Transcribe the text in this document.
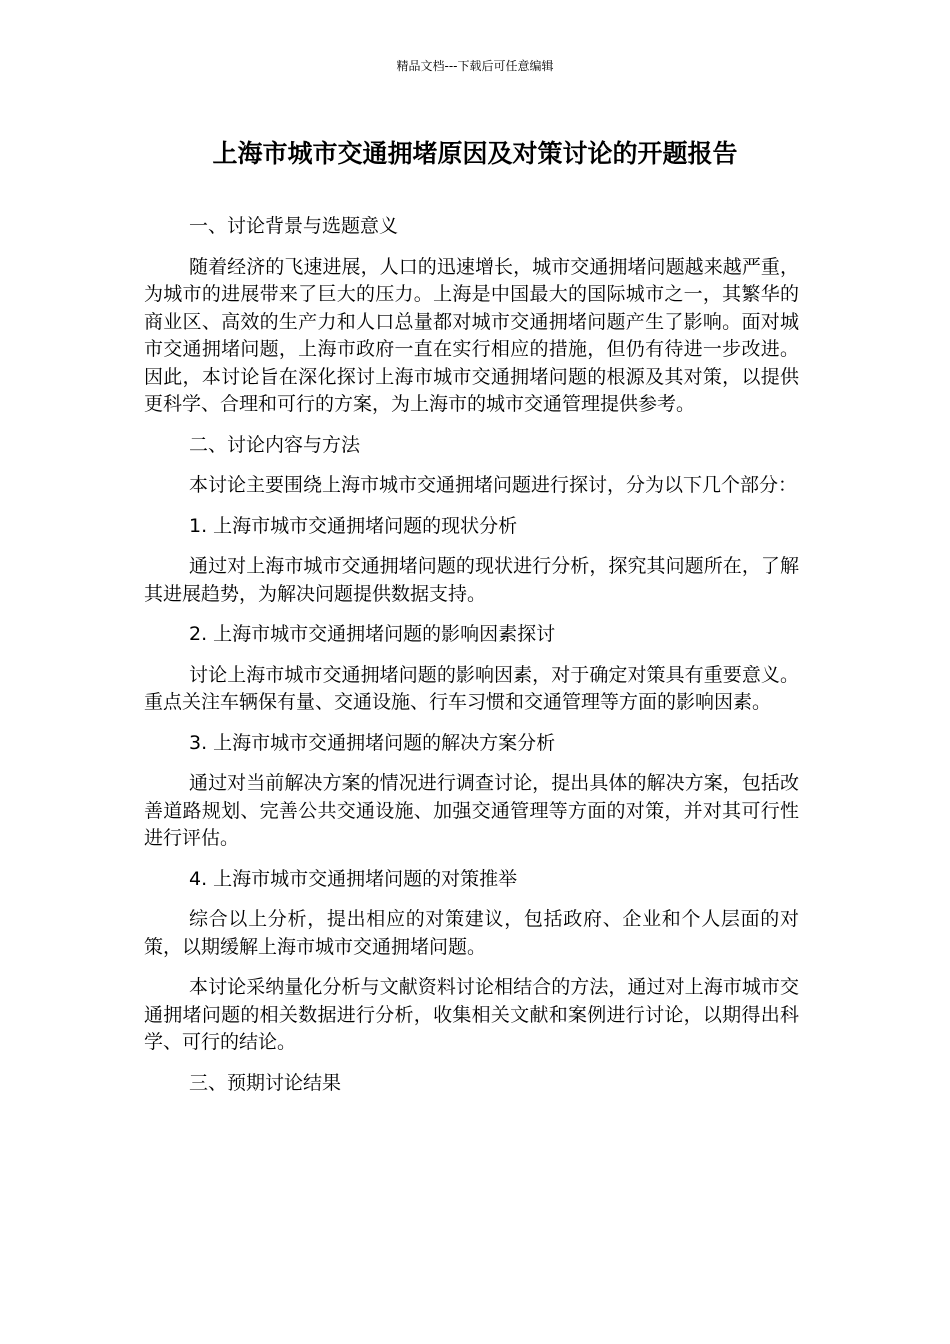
精品文档---下载后可任意编辑
上海市城市交通拥堵原因及对策讨论的开题报告

一、讨论背景与选题意义

随着经济的飞速进展，人口的迅速增长，城市交通拥堵问题越来越严重，为城市的进展带来了巨大的压力。上海是中国最大的国际城市之一，其繁华的商业区、高效的生产力和人口总量都对城市交通拥堵问题产生了影响。面对城市交通拥堵问题，上海市政府一直在实行相应的措施，但仍有待进一步改进。因此，本讨论旨在深化探讨上海市城市交通拥堵问题的根源及其对策，以提供更科学、合理和可行的方案，为上海市的城市交通管理提供参考。

二、讨论内容与方法

本讨论主要围绕上海市城市交通拥堵问题进行探讨，分为以下几个部分：

1. 上海市城市交通拥堵问题的现状分析

通过对上海市城市交通拥堵问题的现状进行分析，探究其问题所在，了解其进展趋势，为解决问题提供数据支持。

2. 上海市城市交通拥堵问题的影响因素探讨

讨论上海市城市交通拥堵问题的影响因素，对于确定对策具有重要意义。重点关注车辆保有量、交通设施、行车习惯和交通管理等方面的影响因素。

3. 上海市城市交通拥堵问题的解决方案分析

通过对当前解决方案的情况进行调查讨论，提出具体的解决方案，包括改善道路规划、完善公共交通设施、加强交通管理等方面的对策，并对其可行性进行评估。

4. 上海市城市交通拥堵问题的对策推举

综合以上分析，提出相应的对策建议，包括政府、企业和个人层面的对策，以期缓解上海市城市交通拥堵问题。

本讨论采纳量化分析与文献资料讨论相结合的方法，通过对上海市城市交通拥堵问题的相关数据进行分析，收集相关文献和案例进行讨论，以期得出科学、可行的结论。

三、预期讨论结果
